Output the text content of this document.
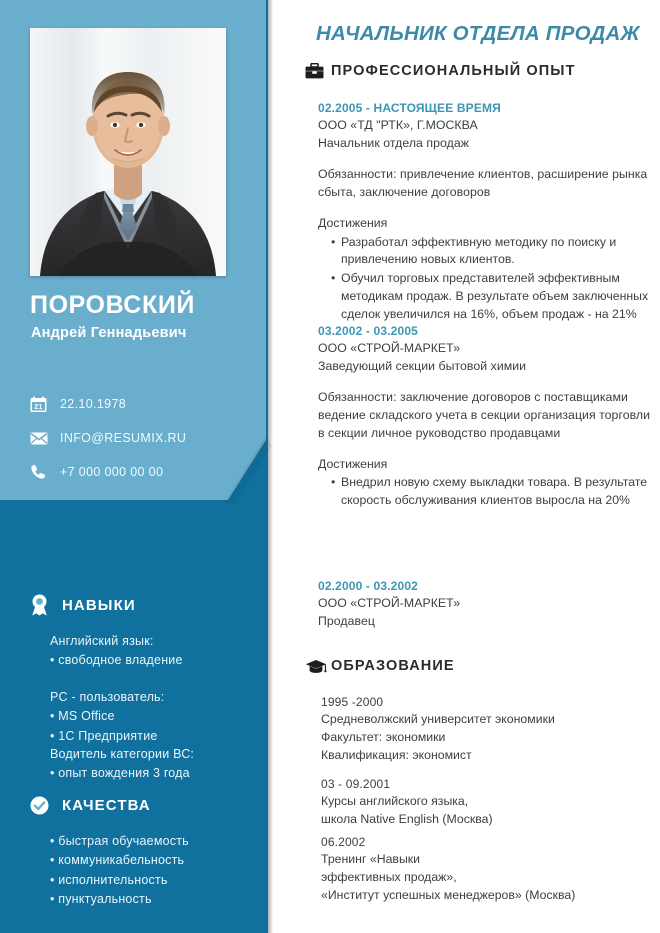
ПОРОВСКИЙ
Андрей Геннадьевич
21 22.10.1978
INFO@RESUMIX.RU
+7 000 000 00 00
НАВЫКИ
Английский язык:
• свободное владение
PC - пользователь:
• MS Office
• 1С Предприятие
Водитель категории ВС:
• опыт вождения 3 года
КАЧЕСТВА
• быстрая обучаемость
• коммуникабельность
• исполнительность
• пунктуальность
НАЧАЛЬНИК ОТДЕЛА ПРОДАЖ
ПРОФЕССИОНАЛЬНЫЙ ОПЫТ
02.2005 - НАСТОЯЩЕЕ ВРЕМЯ
ООО «ТД "РТК», Г.МОСКВА
Начальник отдела продаж
Обязанности: привлечение клиентов, расширение рынка сбыта, заключение договоров
Достижения
• Разработал эффективную методику по поиску и привлечению новых клиентов.
• Обучил торговых представителей эффективным методикам продаж. В результате объем заключенных сделок увеличился на 16%, объем продаж - на 21%
03.2002 - 03.2005
ООО «СТРОЙ-МАРКЕТ»
Заведующий секции бытовой химии
Обязанности: заключение договоров с поставщиками ведение складского учета в секции организация торговли в секции личное руководство продавцами
Достижения
• Внедрил новую схему выкладки товара. В результате скорость обслуживания клиентов выросла на 20%
02.2000 - 03.2002
ООО «СТРОЙ-МАРКЕТ»
Продавец
ОБРАЗОВАНИЕ
1995 -2000
Средневолжский университет экономики
Факультет: экономики
Квалификация: экономист
03 - 09.2001
Курсы английского языка,
школа Native English (Москва)
06.2002
Тренинг «Навыки
эффективных продаж»,
«Институт успешных менеджеров» (Москва)
